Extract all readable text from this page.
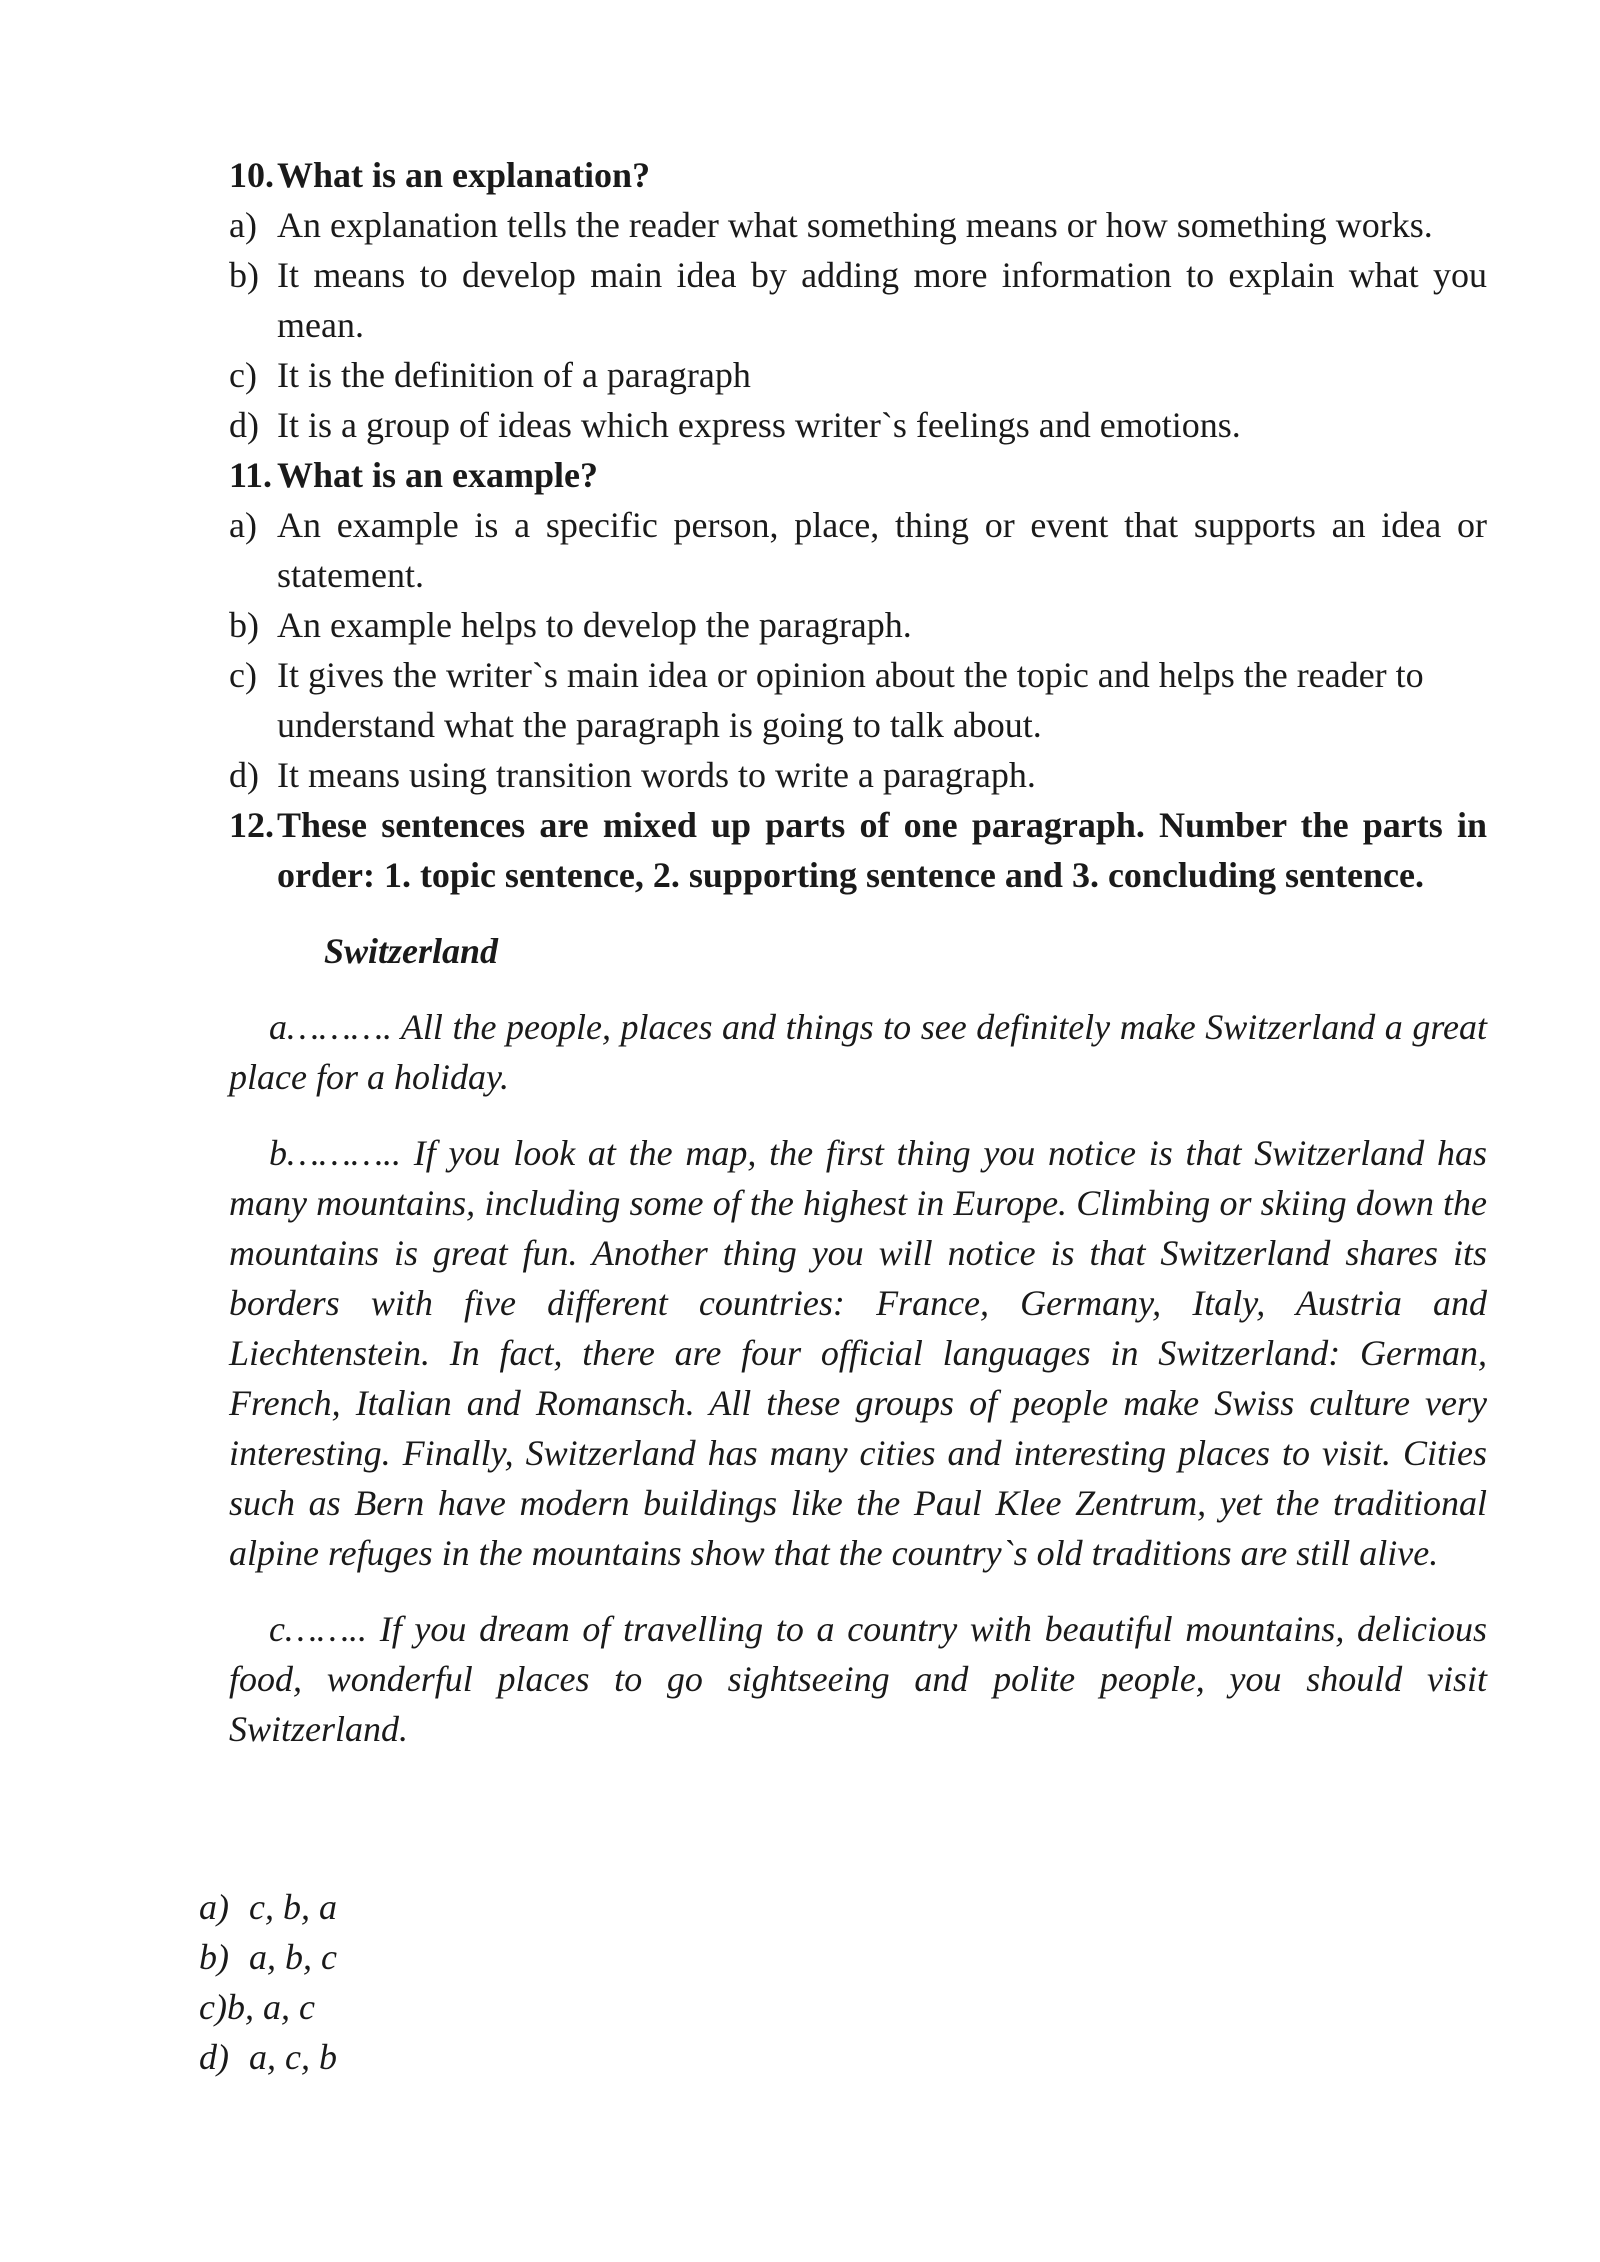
10. What is an explanation?
a) An explanation tells the reader what something means or how something works.
b) It means to develop main idea by adding more information to explain what you mean.
c) It is the definition of a paragraph
d) It is a group of ideas which express writer`s feelings and emotions.
11. What is an example?
a) An example is a specific person, place, thing or event that supports an idea or statement.
b) An example helps to develop the paragraph.
c) It gives the writer`s main idea or opinion about the topic and helps the reader to understand what the paragraph is going to talk about.
d) It means using transition words to write a paragraph.
12. These sentences are mixed up parts of one paragraph. Number the parts in order: 1. topic sentence, 2. supporting sentence and 3. concluding sentence.
Switzerland
a………. All the people, places and things to see definitely make Switzerland a great place for a holiday.
b……….. If you look at the map, the first thing you notice is that Switzerland has many mountains, including some of the highest in Europe. Climbing or skiing down the mountains is great fun. Another thing you will notice is that Switzerland shares its borders with five different countries: France, Germany, Italy, Austria and Liechtenstein. In fact, there are four official languages in Switzerland: German, French, Italian and Romansch. All these groups of people make Swiss culture very interesting. Finally, Switzerland has many cities and interesting places to visit. Cities such as Bern have modern buildings like the Paul Klee Zentrum, yet the traditional alpine refuges in the mountains show that the country`s old traditions are still alive.
c…….. If you dream of travelling to a country with beautiful mountains, delicious food, wonderful places to go sightseeing and polite people, you should visit Switzerland.
a) c, b, a
b) a, b, c
c) b, a, c
d) a, c, b
